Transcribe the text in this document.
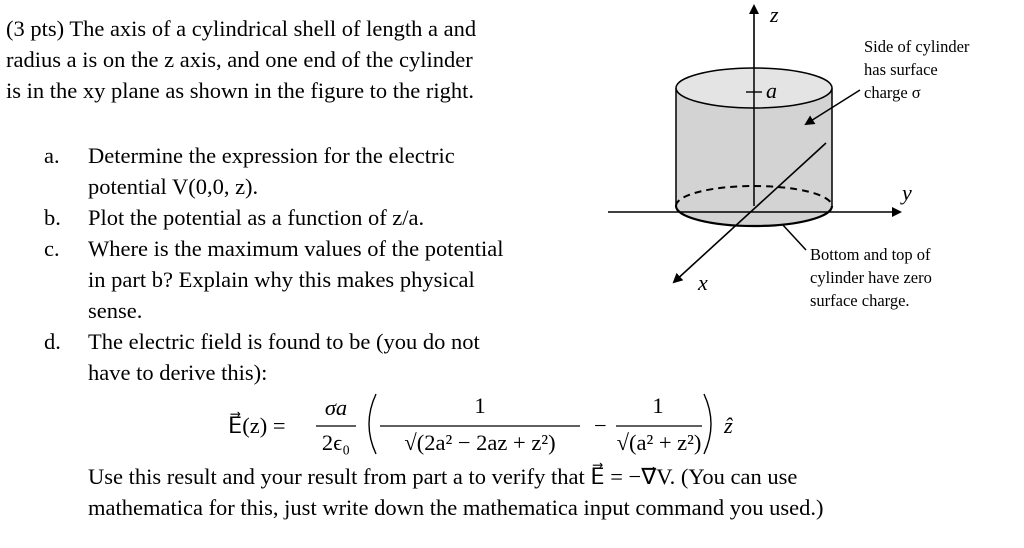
(3 pts) The axis of a cylindrical shell of length a and

radius a is on the z axis, and one end of the cylinder

is in the xy plane as shown in the figure to the right.

a. Determine the expression for the electric
potential V(0,0, z).
b. Plot the potential as a function of z/a.
c. Where is the maximum values of the potential
in part b? Explain why this makes physical
sense.
d. The electric field is found to be (you do not
have to derive this):
E⃗(z) =
σa
2ϵ₀
1
√(2a² − 2az + z²)
−
1
√(a² + z²)
ẑ
Use this result and your result from part a to verify that E⃗ = −∇⃗V. (You can use
mathematica for this, just write down the mathematica input command you used.)
z
a
y
x
Side of cylinder has surface charge σ
Bottom and top of cylinder have zero surface charge.
